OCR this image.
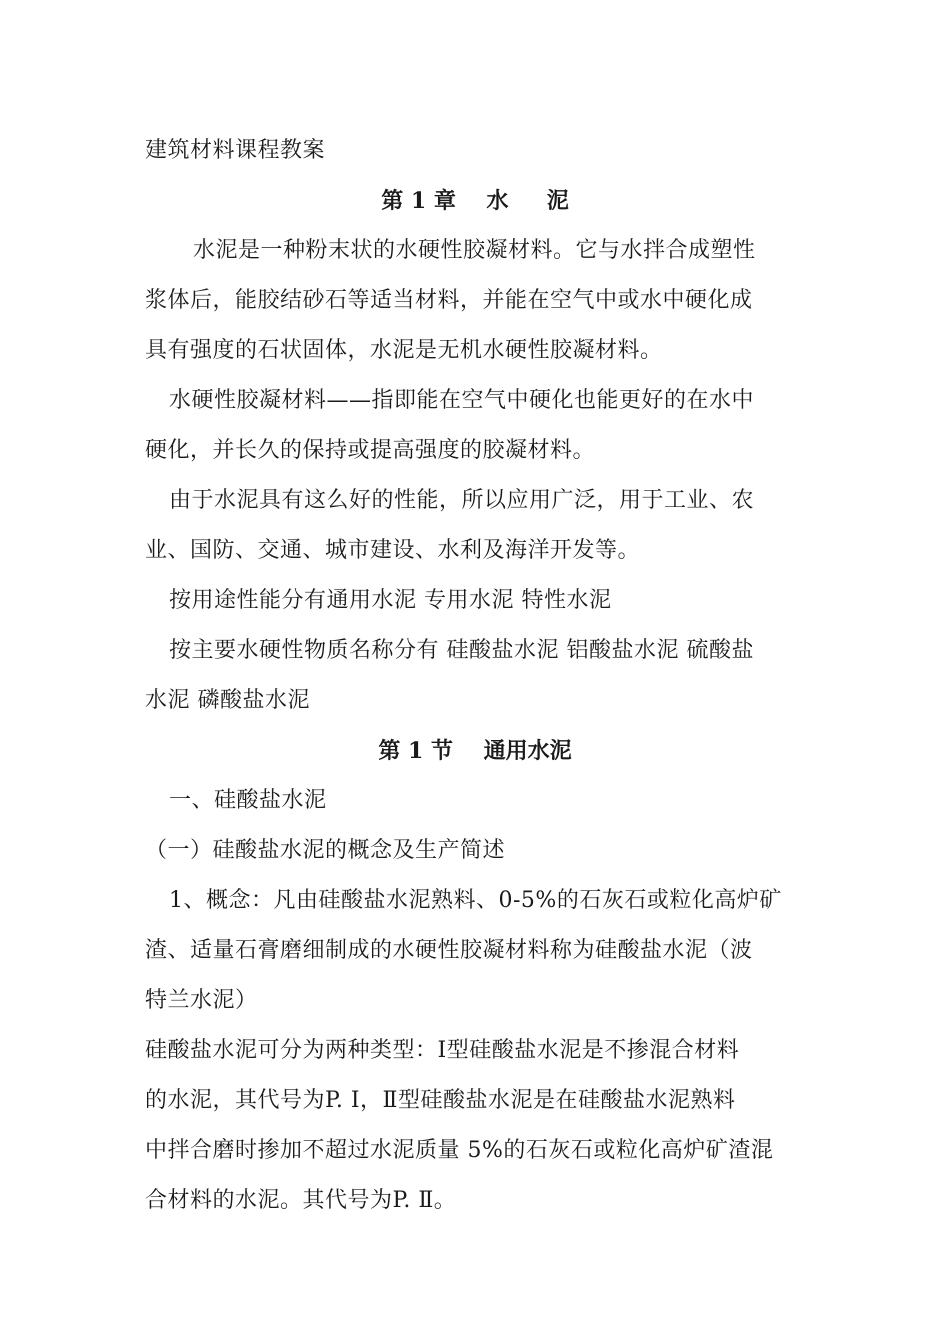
建筑材料课程教案
第 1 章    水     泥
水泥是一种粉末状的水硬性胶凝材料。它与水拌合成塑性
浆体后，能胶结砂石等适当材料，并能在空气中或水中硬化成
具有强度的石状固体，水泥是无机水硬性胶凝材料。
水硬性胶凝材料——指即能在空气中硬化也能更好的在水中
硬化，并长久的保持或提高强度的胶凝材料。
由于水泥具有这么好的性能，所以应用广泛，用于工业、农
业、国防、交通、城市建设、水利及海洋开发等。
按用途性能分有通用水泥 专用水泥 特性水泥
按主要水硬性物质名称分有 硅酸盐水泥 铝酸盐水泥 硫酸盐
水泥 磷酸盐水泥
第 1 节    通用水泥
一、硅酸盐水泥
（一）硅酸盐水泥的概念及生产简述
1、概念：凡由硅酸盐水泥熟料、0-5%的石灰石或粒化高炉矿
渣、适量石膏磨细制成的水硬性胶凝材料称为硅酸盐水泥（波
特兰水泥）
硅酸盐水泥可分为两种类型：Ⅰ型硅酸盐水泥是不掺混合材料
的水泥，其代号为P. Ⅰ，Ⅱ型硅酸盐水泥是在硅酸盐水泥熟料
中拌合磨时掺加不超过水泥质量 5%的石灰石或粒化高炉矿渣混
合材料的水泥。其代号为P. Ⅱ。
